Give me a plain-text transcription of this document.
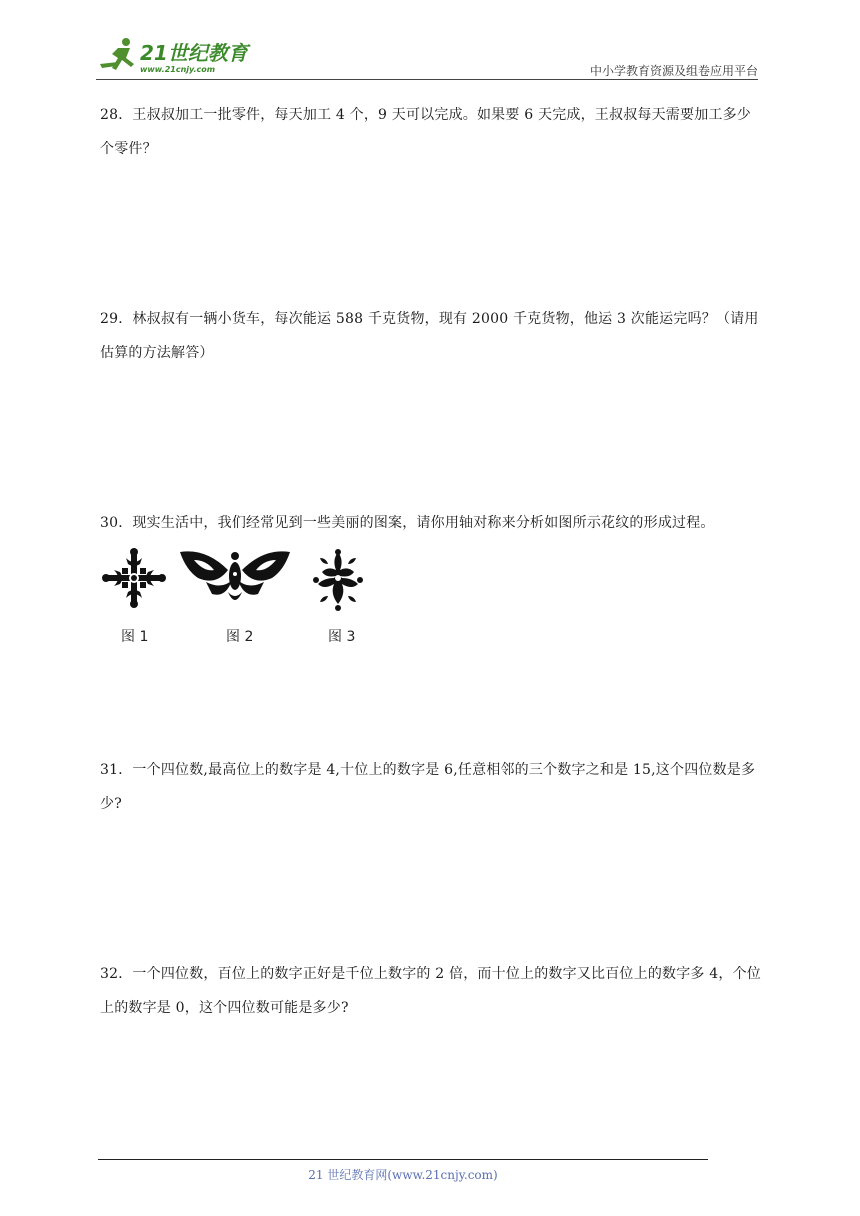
21世纪教育
www.21cnjy.com	中小学教育资源及组卷应用平台
28．王叔叔加工一批零件，每天加工 4 个，9 天可以完成。如果要 6 天完成，王叔叔每天需要加工多少个零件？
29．林叔叔有一辆小货车，每次能运 588 千克货物，现有 2000 千克货物，他运 3 次能运完吗？（请用估算的方法解答）
30．现实生活中，我们经常见到一些美丽的图案，请你用轴对称来分析如图所示花纹的形成过程。
图 1	图 2	图 3
31．一个四位数,最高位上的数字是 4,十位上的数字是 6,任意相邻的三个数字之和是 15,这个四位数是多少?
32．一个四位数，百位上的数字正好是千位上数字的 2 倍，而十位上的数字又比百位上的数字多 4，个位上的数字是 0，这个四位数可能是多少?
21 世纪教育网(www.21cnjy.com)
